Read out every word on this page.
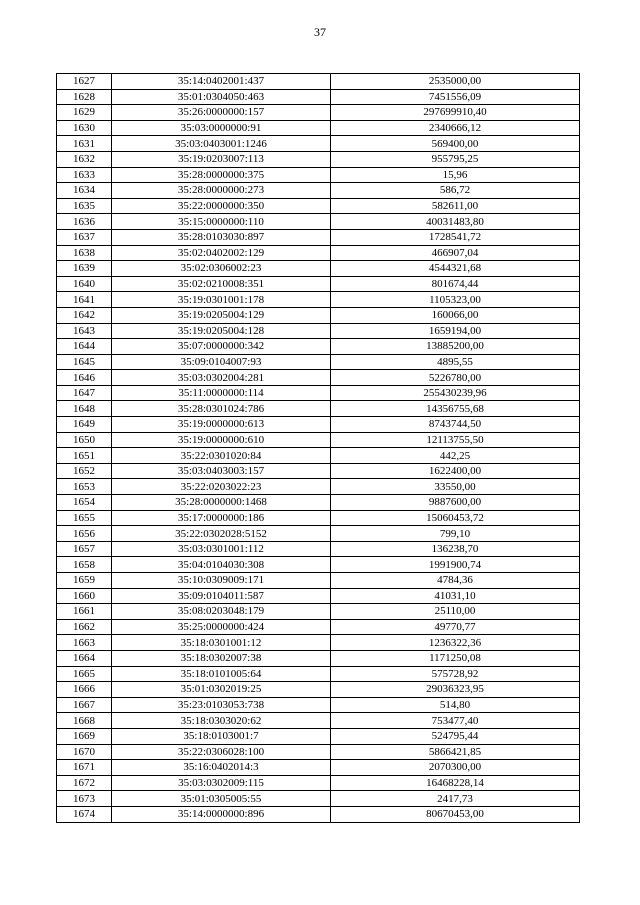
37
1627	35:14:0402001:437	2535000,00
1628	35:01:0304050:463	7451556,09
1629	35:26:0000000:157	297699910,40
1630	35:03:0000000:91	2340666,12
1631	35:03:0403001:1246	569400,00
1632	35:19:0203007:113	955795,25
1633	35:28:0000000:375	15,96
1634	35:28:0000000:273	586,72
1635	35:22:0000000:350	582611,00
1636	35:15:0000000:110	40031483,80
1637	35:28:0103030:897	1728541,72
1638	35:02:0402002:129	466907,04
1639	35:02:0306002:23	4544321,68
1640	35:02:0210008:351	801674,44
1641	35:19:0301001:178	1105323,00
1642	35:19:0205004:129	160066,00
1643	35:19:0205004:128	1659194,00
1644	35:07:0000000:342	13885200,00
1645	35:09:0104007:93	4895,55
1646	35:03:0302004:281	5226780,00
1647	35:11:0000000:114	255430239,96
1648	35:28:0301024:786	14356755,68
1649	35:19:0000000:613	8743744,50
1650	35:19:0000000:610	12113755,50
1651	35:22:0301020:84	442,25
1652	35:03:0403003:157	1622400,00
1653	35:22:0203022:23	33550,00
1654	35:28:0000000:1468	9887600,00
1655	35:17:0000000:186	15060453,72
1656	35:22:0302028:5152	799,10
1657	35:03:0301001:112	136238,70
1658	35:04:0104030:308	1991900,74
1659	35:10:0309009:171	4784,36
1660	35:09:0104011:587	41031,10
1661	35:08:0203048:179	25110,00
1662	35:25:0000000:424	49770,77
1663	35:18:0301001:12	1236322,36
1664	35:18:0302007:38	1171250,08
1665	35:18:0101005:64	575728,92
1666	35:01:0302019:25	29036323,95
1667	35:23:0103053:738	514,80
1668	35:18:0303020:62	753477,40
1669	35:18:0103001:7	524795,44
1670	35:22:0306028:100	5866421,85
1671	35:16:0402014:3	2070300,00
1672	35:03:0302009:115	16468228,14
1673	35:01:0305005:55	2417,73
1674	35:14:0000000:896	80670453,00
